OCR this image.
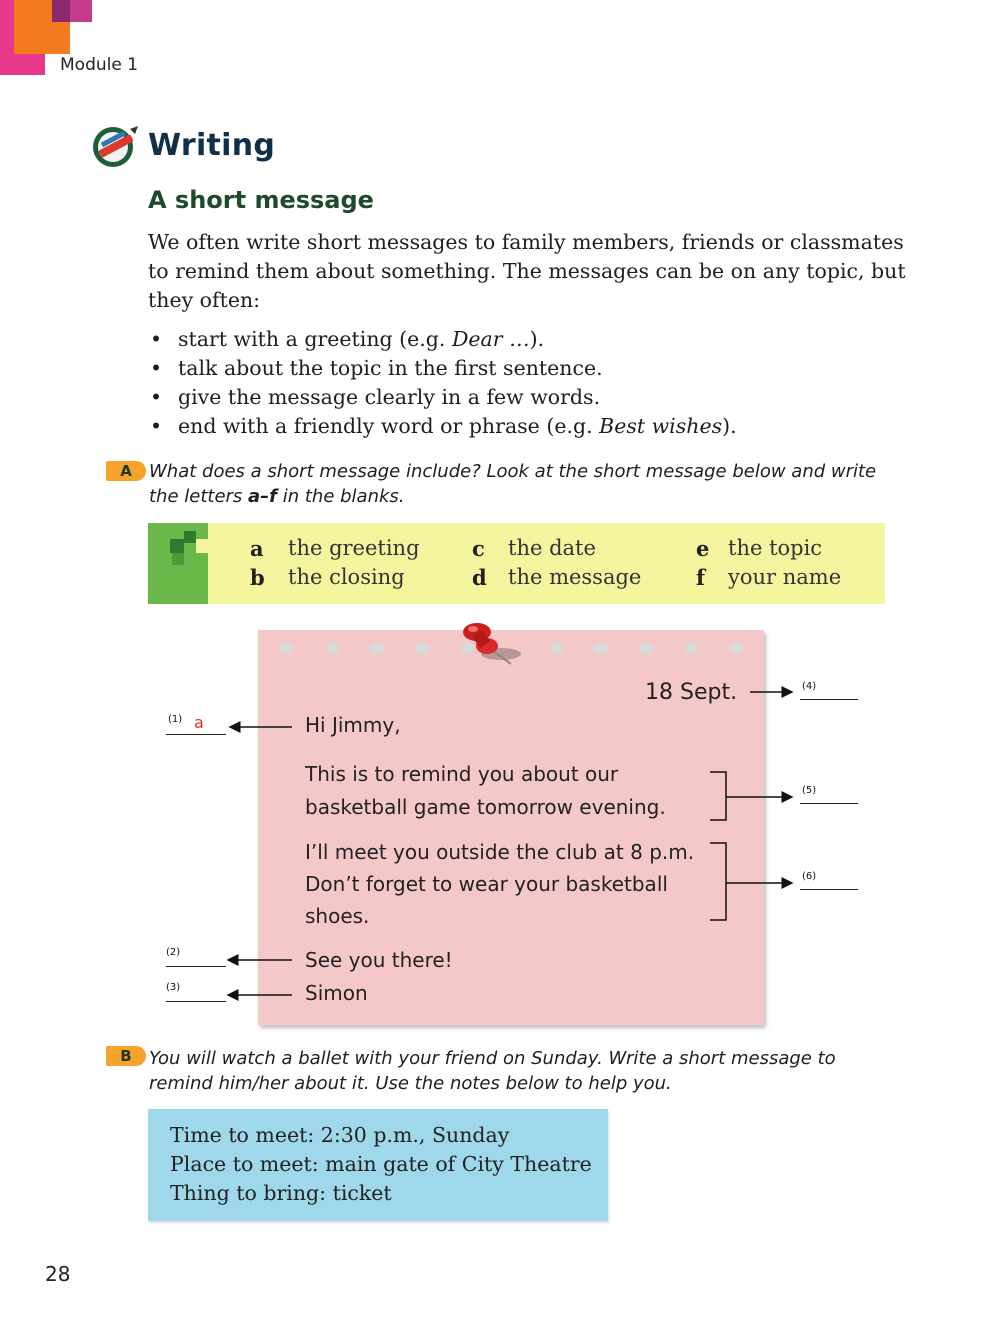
Module 1
Writing
A short message

We often write short messages to family members, friends or classmates to remind them about something. The messages can be on any topic, but they often:

• start with a greeting (e.g. Dear …).
• talk about the topic in the first sentence.
• give the message clearly in a few words.
• end with a friendly word or phrase (e.g. Best wishes).
A What does a short message include? Look at the short message below and write
the letters a–f in the blanks.
a the greeting
b the closing
c the date
d the message
e the topic
f your name
18 Sept.
Hi Jimmy,
This is to remind you about our
basketball game tomorrow evening.
I’ll meet you outside the club at 8 p.m.
Don’t forget to wear your basketball
shoes.
See you there!
Simon
(1) a
(2)
(3)
(4)
(5)
(6)
B You will watch a ballet with your friend on Sunday. Write a short message to
remind him/her about it. Use the notes below to help you.

Time to meet: 2:30 p.m., Sunday

Place to meet: main gate of City Theatre

Thing to bring: ticket

28
